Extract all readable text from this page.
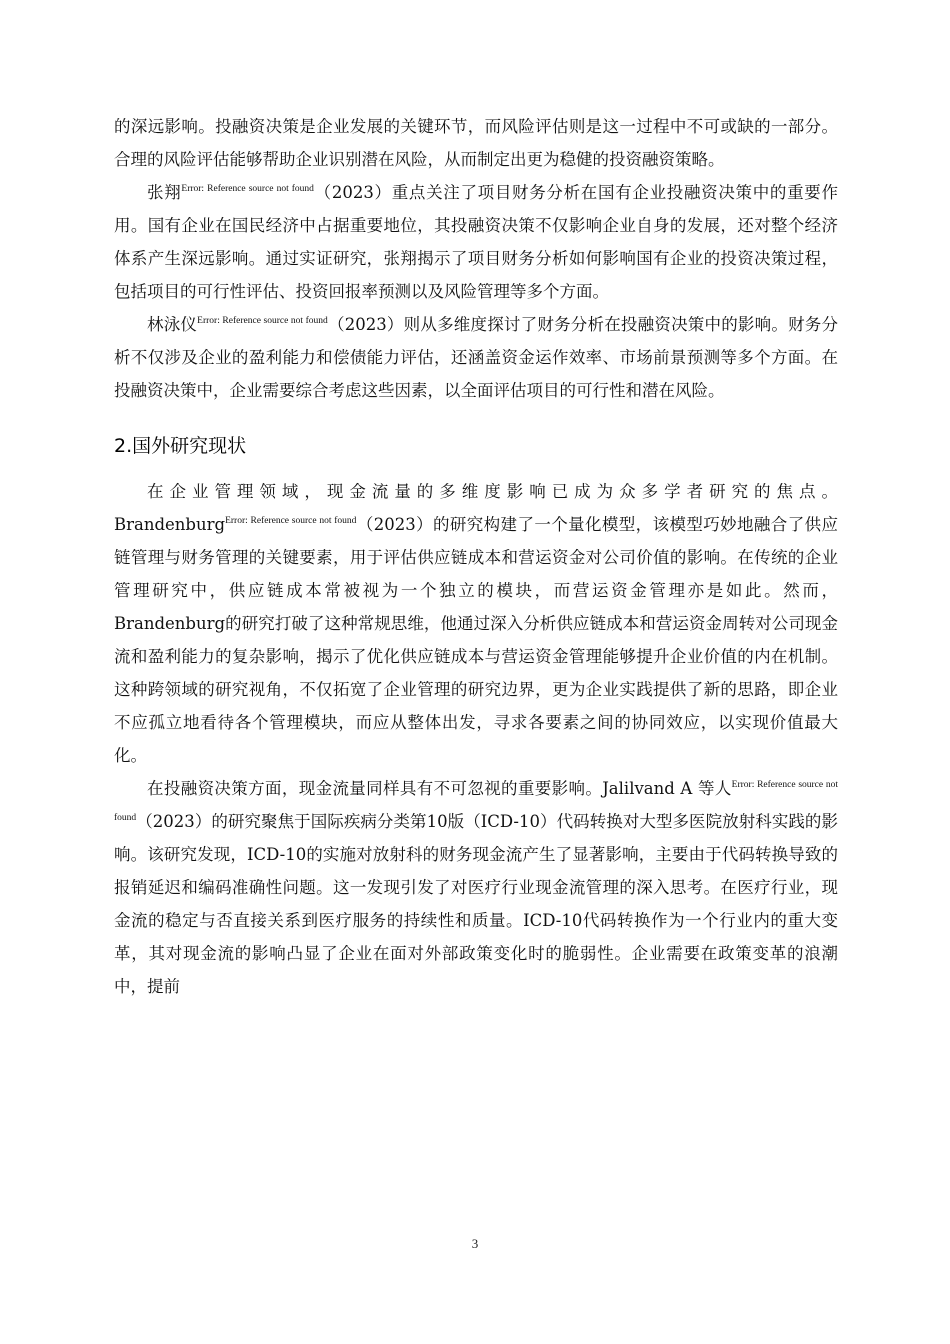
的深远影响。投融资决策是企业发展的关键环节，而风险评估则是这一过程中不可或缺的一部分。合理的风险评估能够帮助企业识别潜在风险，从而制定出更为稳健的投资融资策略。

张翔$^{Error: Reference source not found}$（2023）重点关注了项目财务分析在国有企业投融资决策中的重要作用。国有企业在国民经济中占据重要地位，其投融资决策不仅影响企业自身的发展，还对整个经济体系产生深远影响。通过实证研究，张翔揭示了项目财务分析如何影响国有企业的投资决策过程，包括项目的可行性评估、投资回报率预测以及风险管理等多个方面。

林泳仪$^{Error: Reference source not found}$（2023）则从多维度探讨了财务分析在投融资决策中的影响。财务分析不仅涉及企业的盈利能力和偿债能力评估，还涵盖资金运作效率、市场前景预测等多个方面。在投融资决策中，企业需要综合考虑这些因素，以全面评估项目的可行性和潜在风险。

2.国外研究现状

在企业管理领域，现金流量的多维度影响已成为众多学者研究的焦点。

Brandenburg$^{Error: Reference source not found}$（2023）的研究构建了一个量化模型，该模型巧妙地融合了供应链管理与财务管理的关键要素，用于评估供应链成本和营运资金对公司价值的影响。在传统的企业管理研究中，供应链成本常被视为一个独立的模块，而营运资金管理亦是如此。然而，Brandenburg的研究打破了这种常规思维，他通过深入分析供应链成本和营运资金周转对公司现金流和盈利能力的复杂影响，揭示了优化供应链成本与营运资金管理能够提升企业价值的内在机制。这种跨领域的研究视角，不仅拓宽了企业管理的研究边界，更为企业实践提供了新的思路，即企业不应孤立地看待各个管理模块，而应从整体出发，寻求各要素之间的协同效应，以实现价值最大化。

在投融资决策方面，现金流量同样具有不可忽视的重要影响。Jalilvand A 等人$^{Error: Reference source not found}$（2023）的研究聚焦于国际疾病分类第10版（ICD-10）代码转换对大型多医院放射科实践的影响。该研究发现，ICD-10的实施对放射科的财务现金流产生了显著影响，主要由于代码转换导致的报销延迟和编码准确性问题。这一发现引发了对医疗行业现金流管理的深入思考。在医疗行业，现金流的稳定与否直接关系到医疗服务的持续性和质量。ICD-10代码转换作为一个行业内的重大变革，其对现金流的影响凸显了企业在面对外部政策变化时的脆弱性。企业需要在政策变革的浪潮中，提前

3
